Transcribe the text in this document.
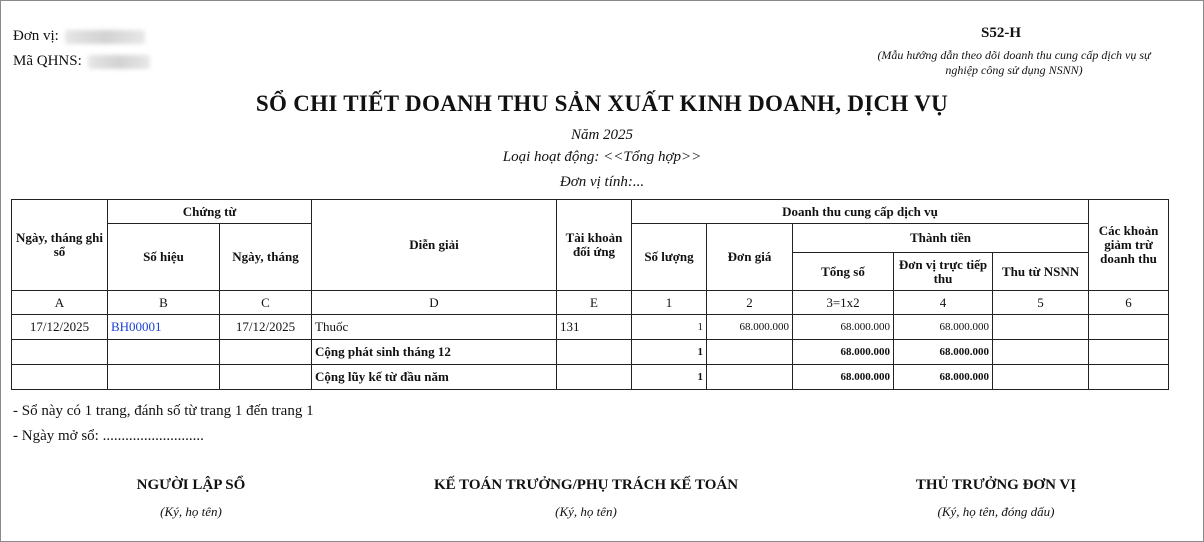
Đơn vị:
Mã QHNS:
S52-H
(Mẫu hướng dẫn theo dõi doanh thu cung cấp dịch vụ sự nghiệp công sử dụng NSNN)
SỔ CHI TIẾT DOANH THU SẢN XUẤT KINH DOANH, DỊCH VỤ
Năm 2025
Loại hoạt động: <<Tổng hợp>>
Đơn vị tính:...
Ngày, tháng ghi sổ	Chứng từ		Diễn giải	Tài khoản đối ứng	Doanh thu cung cấp dịch vụ					Các khoản giảm trừ doanh thu
	Số hiệu	Ngày, tháng			Số lượng	Đơn giá	Thành tiền			
							Tổng số	Đơn vị trực tiếp thu	Thu từ NSNN	
A	B	C	D	E	1	2	3=1x2	4	5	6
17/12/2025	BH00001	17/12/2025	Thuốc	131	1	68.000.000	68.000.000	68.000.000		
			Cộng phát sinh tháng 12		1		68.000.000	68.000.000		
			Cộng lũy kế từ đầu năm		1		68.000.000	68.000.000		
- Sổ này có 1 trang, đánh số từ trang 1 đến trang 1
- Ngày mở sổ: ...........................
NGƯỜI LẬP SỔ
(Ký, họ tên)
KẾ TOÁN TRƯỞNG/PHỤ TRÁCH KẾ TOÁN
(Ký, họ tên)
THỦ TRƯỞNG ĐƠN VỊ
(Ký, họ tên, đóng dấu)
